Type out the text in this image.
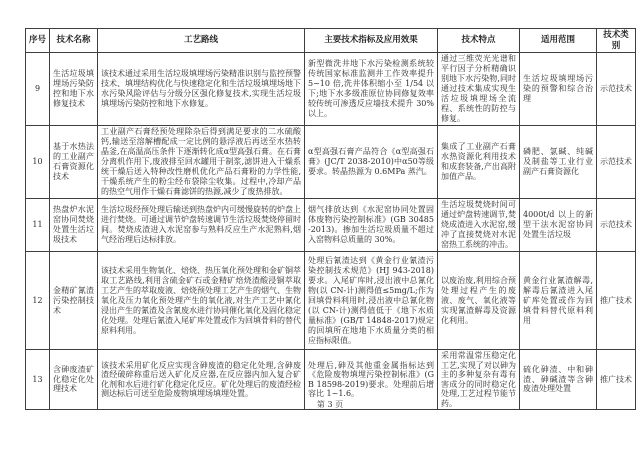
序号	技术名称	工艺路线	主要技术指标及应用效果	技术特点	适用范围	技术类别
9	生活垃圾填埋场污染防控和地下水修复技术	该技术通过采用生活垃圾填埋场污染精准识别与监控预警技术、填埋结构优化与快速稳定化和生活垃圾填埋场地下水污染风险评估与分级分区强化修复技术,实现生活垃圾填埋场污染防控和地下水修复。	新型微洗井地下水污染检测系统较传统国家标准监测井工作效率提升 5~10 倍,洗井体积缩小至 1/54 以下;地下水多级准原位协同修复效率较传统可渗透反应墙技术提升 30%以上。	通过三维荧光光谱和平行因子分析精确识别地下水污染物,同时通过技术集成实现生活垃圾填埋场全流程、系统性的防控与修复。	生活垃圾填埋场污染的预警和综合治理	示范技术
10	基于水热法的工业副产石膏资源化技术	工业副产石膏经预处理除杂后得到满足要求的二水硫酸钙,输送至溶解槽配成一定比例的悬浮液后再送至水热转晶釜,在高温高压条件下逐渐转化成α型高强石膏。在石膏分离机作用下,废液排至回水罐用于制浆,滤饼进入干燥系统干燥后送入特种改性磨机优化产品石膏粉的力学性能,干燥系统产生的粉尘经布袋除尘收集。过程中,冷却产品的热空气用作干燥石膏滤饼的热源,减少了废热排放。	α型高强石膏产品符合《α型高强石膏》(JC/T 2038-2010)中α50等级要求。转晶热源为 0.6MPa 蒸汽。	集成了工业副产石膏水热资源化利用技术和成套装备,产出高附加值产品。	磷肥、氯碱、纯碱及制盐等工业行业副产石膏资源化	示范技术
11	热盘炉水泥窑协同焚烧处置生活垃圾技术	生活垃圾经预处理后输送到热盘炉内可缓慢旋转的炉盘上进行焚烧。可通过调节炉盘转速调节生活垃圾焚烧停留时间。焚烧成渣进入水泥窑参与熟料反应生产水泥熟料,烟气经治理后达标排放。	烟气排放达到《水泥窑协同处置固体废物污染控制标准》(GB 30485-2013)。掺加生活垃圾质量不超过入窑物料总质量的 30%。	生活垃圾焚烧时间可通过炉盘转速调节,焚烧成渣进入水泥窑,缓冲了直接焚烧对水泥窑热工系统的冲击。	4000t/d 以上的新型干法水泥窑协同处置生活垃圾	示范技术
12	金精矿氰渣污染控制技术	该技术采用生物氧化、焙烧、热压氧化预处理和金矿铜萃取工艺路线,利用含硫金矿石或金精矿焙烧渣酸浸铜萃取工艺产生的萃取废液、焙烧预处理工艺产生的烟气、生物氧化及压力氧化预处理产生的氧化液,对生产工艺中氰化浸出产生的氰渣及含氰废水进行协同催化氧化及固化稳定化处理。处理后氰渣入尾矿库处置或作为回填骨料的替代原料利用。	处理后氰渣达到《黄金行业氰渣污染控制技术规范》(HJ 943-2018)要求。入尾矿库时,浸出液中总氰化物(以 CN-计)测得值≤5mg/L;作为回填骨料利用时,浸出液中总氰化物(以 CN-计)测得值低于《地下水质量标准》(GB/T 14848-2017)规定的回填所在地地下水质量分类的相应指标限值。	以废治废,利用综合预处理过程产生的废液、废气、氧化液等实现氰渣解毒及资源化利用。	黄金行业氰渣解毒,解毒后氰渣进入尾矿库处置或作为回填骨料替代原料利用	推广技术
13	含砷废渣矿化稳定化处理技术	该技术采用矿化反应实现含砷废渣的稳定化处理,含砷废渣经破碎称重后送入矿化反应器,在反应器内加入复合矿化剂和水后进行矿化稳定化反应。矿化处理后的废渣经检测达标后可送至危险废物填埋场填埋处置。	处理后,砷及其他重金属指标达到《危险废物填埋污染控制标准》(GB 18598-2019)要求。处理前后增容比 1~1.6。	采用常温常压稳定化工艺,实现了对以砷为主的多种复杂有毒有害成分的同时稳定化处理,工艺过程节能节药。	硫化砷渣、中和砷渣、砷碱渣等含砷废渣处理处置	推广技术
第 3 页
